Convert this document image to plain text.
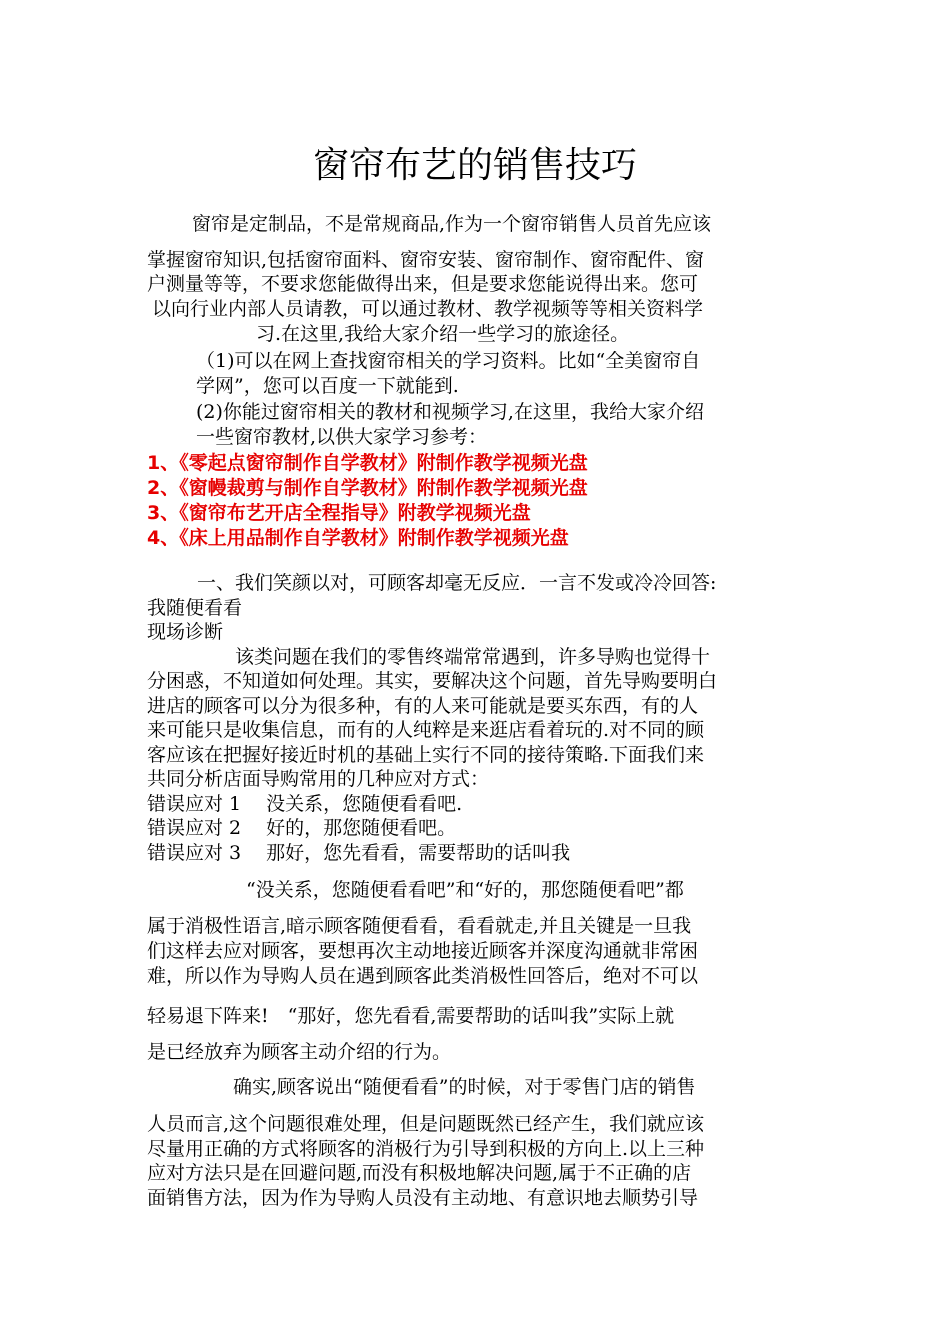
窗帘布艺的销售技巧
窗帘是定制品，不是常规商品,作为一个窗帘销售人员首先应该
掌握窗帘知识,包括窗帘面料、窗帘安装、窗帘制作、窗帘配件、窗
户测量等等，不要求您能做得出来，但是要求您能说得出来。您可
以向行业内部人员请教，可以通过教材、教学视频等等相关资料学
习.在这里,我给大家介绍一些学习的旅途径。
（1)可以在网上查找窗帘相关的学习资料。比如“全美窗帘自
学网”，您可以百度一下就能到.
(2)你能过窗帘相关的教材和视频学习,在这里，我给大家介绍
一些窗帘教材,以供大家学习参考：
1、《零起点窗帘制作自学教材》附制作教学视频光盘
2、《窗幔裁剪与制作自学教材》附制作教学视频光盘
3、《窗帘布艺开店全程指导》附教学视频光盘
4、《床上用品制作自学教材》附制作教学视频光盘
一、我们笑颜以对，可顾客却毫无反应．一言不发或冷冷回答:
我随便看看
现场诊断
该类问题在我们的零售终端常常遇到，许多导购也觉得十
分困惑，不知道如何处理。其实，要解决这个问题，首先导购要明白
进店的顾客可以分为很多种，有的人来可能就是要买东西，有的人
来可能只是收集信息，而有的人纯粹是来逛店看着玩的.对不同的顾
客应该在把握好接近时机的基础上实行不同的接待策略.下面我们来
共同分析店面导购常用的几种应对方式：
错误应对 1　 没关系，您随便看看吧.
错误应对 2　 好的，那您随便看吧。
错误应对 3　 那好，您先看看，需要帮助的话叫我
“没关系，您随便看看吧”和“好的，那您随便看吧”都
属于消极性语言,暗示顾客随便看看，看看就走,并且关键是一旦我
们这样去应对顾客，要想再次主动地接近顾客并深度沟通就非常困
难，所以作为导购人员在遇到顾客此类消极性回答后，绝对不可以
轻易退下阵来!　“那好，您先看看,需要帮助的话叫我”实际上就
是已经放弃为顾客主动介绍的行为。
确实,顾客说出“随便看看”的时候，对于零售门店的销售
人员而言,这个问题很难处理，但是问题既然已经产生，我们就应该
尽量用正确的方式将顾客的消极行为引导到积极的方向上.以上三种
应对方法只是在回避问题,而没有积极地解决问题,属于不正确的店
面销售方法，因为作为导购人员没有主动地、有意识地去顺势引导
